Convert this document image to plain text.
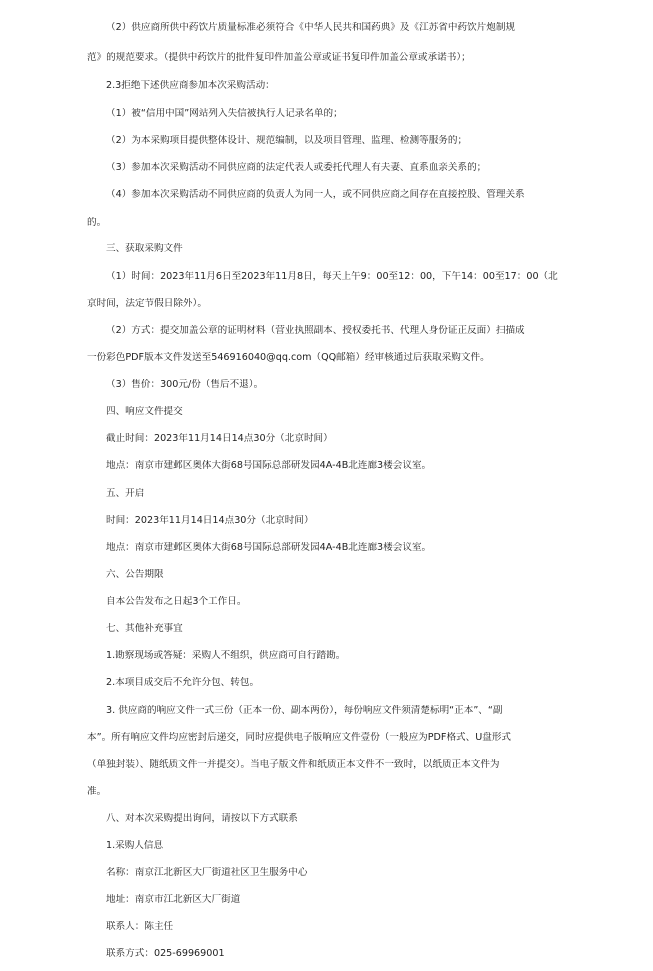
（2）供应商所供中药饮片质量标准必须符合《中华人民共和国药典》及《江苏省中药饮片炮制规
范》的规范要求。（提供中药饮片的批件复印件加盖公章或证书复印件加盖公章或承诺书）；
2.3拒绝下述供应商参加本次采购活动：
（1）被“信用中国”网站列入失信被执行人记录名单的；
（2）为本采购项目提供整体设计、规范编制，以及项目管理、监理、检测等服务的；
（3）参加本次采购活动不同供应商的法定代表人或委托代理人有夫妻、直系血亲关系的；
（4）参加本次采购活动不同供应商的负责人为同一人，或不同供应商之间存在直接控股、管理关系
的。
三、获取采购文件
（1）时间：2023年11月6日至2023年11月8日，每天上午9：00至12：00，下午14：00至17：00（北
京时间，法定节假日除外）。
（2）方式：提交加盖公章的证明材料（营业执照副本、授权委托书、代理人身份证正反面）扫描成
一份彩色PDF版本文件发送至546916040@qq.com（QQ邮箱）经审核通过后获取采购文件。
（3）售价：300元/份（售后不退）。
四、响应文件提交
截止时间：2023年11月14日14点30分（北京时间）
地点：南京市建邺区奥体大街68号国际总部研发园4A-4B北连廊3楼会议室。
五、开启
时间：2023年11月14日14点30分（北京时间）
地点：南京市建邺区奥体大街68号国际总部研发园4A-4B北连廊3楼会议室。
六、公告期限
自本公告发布之日起3个工作日。
七、其他补充事宜
1.勘察现场或答疑：采购人不组织，供应商可自行踏勘。
2.本项目成交后不允许分包、转包。
3. 供应商的响应文件一式三份（正本一份、副本两份），每份响应文件须清楚标明“正本”、“副
本”。所有响应文件均应密封后递交，同时应提供电子版响应文件壹份（一般应为PDF格式、U盘形式
（单独封装）、随纸质文件一并提交）。当电子版文件和纸质正本文件不一致时，以纸质正本文件为
准。
八、对本次采购提出询问，请按以下方式联系
1.采购人信息
名称：南京江北新区大厂街道社区卫生服务中心
地址：南京市江北新区大厂街道
联系人：陈主任
联系方式：025-69969001
